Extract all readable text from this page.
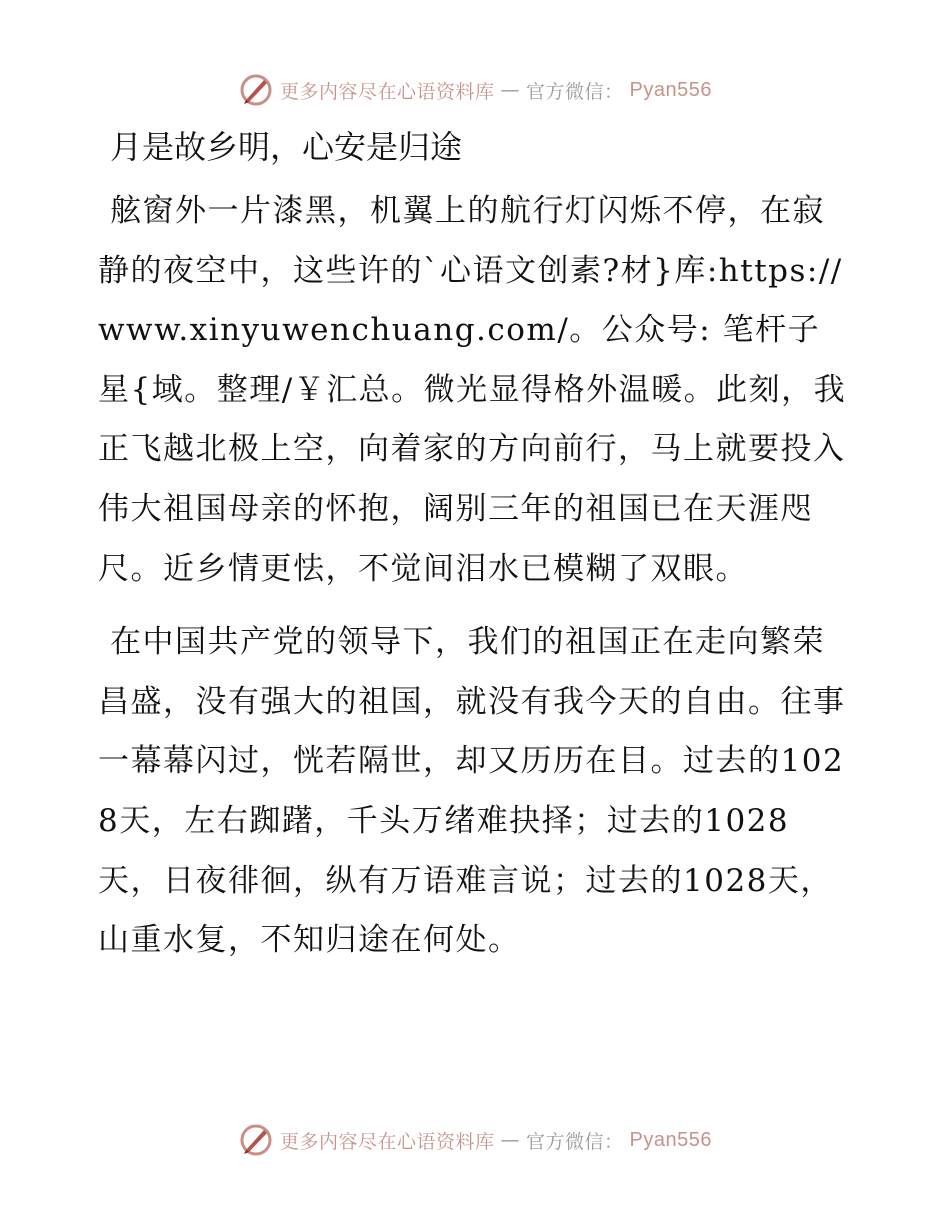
更多内容尽在心语资料库 — 官方微信： Pyan556
月是故乡明，心安是归途

舷窗外一片漆黑，机翼上的航行灯闪烁不停，在寂静的夜空中，这些许的`心语文创素?材}库:https://www.xinyuwenchuang.com/。公众号: 笔杆子星{域。整理/￥汇总。微光显得格外温暖。此刻，我正飞越北极上空，向着家的方向前行，马上就要投入伟大祖国母亲的怀抱，阔别三年的祖国已在天涯咫尺。近乡情更怯，不觉间泪水已模糊了双眼。

在中国共产党的领导下，我们的祖国正在走向繁荣昌盛，没有强大的祖国，就没有我今天的自由。往事一幕幕闪过，恍若隔世，却又历历在目。过去的1028天，左右踟躇，千头万绪难抉择；过去的1028天，日夜徘徊，纵有万语难言说；过去的1028天，山重水复，不知归途在何处。

更多内容尽在心语资料库 — 官方微信： Pyan556
